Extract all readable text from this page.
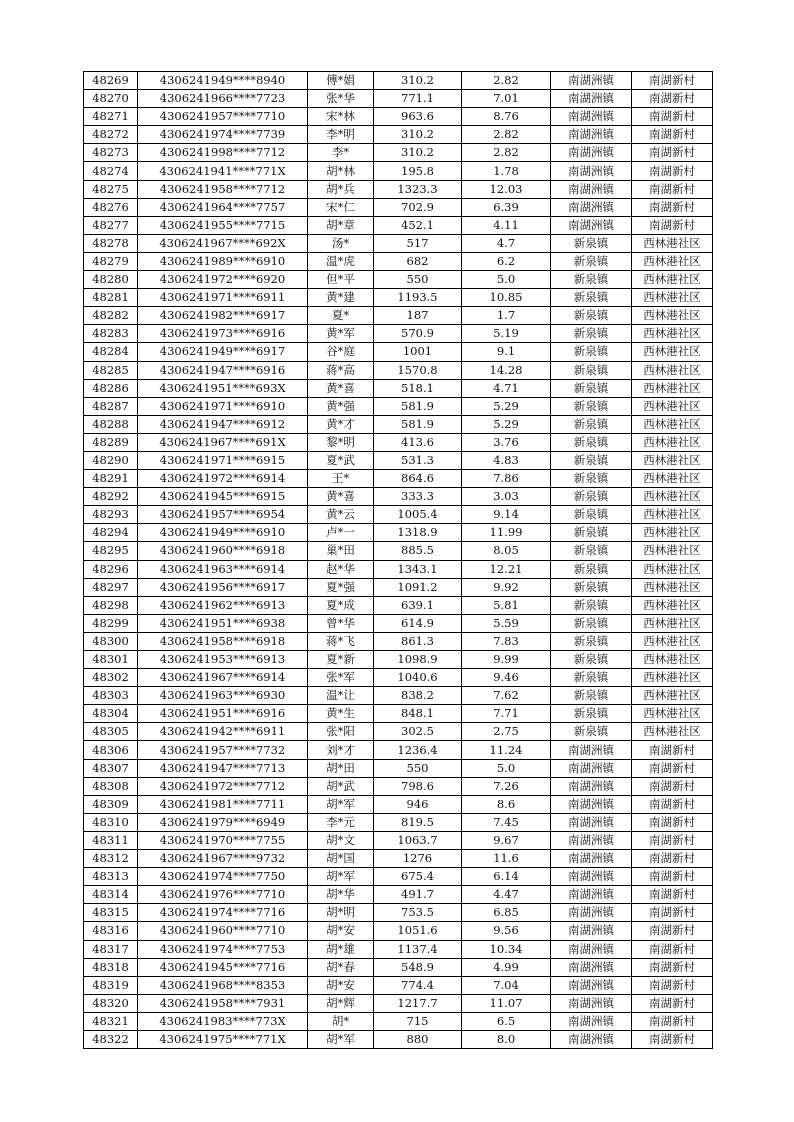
48269	4306241949****8940	傅*娟	310.2	2.82	南湖洲镇	南湖新村
48270	4306241966****7723	张*华	771.1	7.01	南湖洲镇	南湖新村
48271	4306241957****7710	宋*林	963.6	8.76	南湖洲镇	南湖新村
48272	4306241974****7739	李*明	310.2	2.82	南湖洲镇	南湖新村
48273	4306241998****7712	李*	310.2	2.82	南湖洲镇	南湖新村
48274	4306241941****771X	胡*林	195.8	1.78	南湖洲镇	南湖新村
48275	4306241958****7712	胡*兵	1323.3	12.03	南湖洲镇	南湖新村
48276	4306241964****7757	宋*仁	702.9	6.39	南湖洲镇	南湖新村
48277	4306241955****7715	胡*章	452.1	4.11	南湖洲镇	南湖新村
48278	4306241967****692X	汤*	517	4.7	新泉镇	西林港社区
48279	4306241989****6910	温*虎	682	6.2	新泉镇	西林港社区
48280	4306241972****6920	但*平	550	5.0	新泉镇	西林港社区
48281	4306241971****6911	黄*建	1193.5	10.85	新泉镇	西林港社区
48282	4306241982****6917	夏*	187	1.7	新泉镇	西林港社区
48283	4306241973****6916	黄*军	570.9	5.19	新泉镇	西林港社区
48284	4306241949****6917	谷*庭	1001	9.1	新泉镇	西林港社区
48285	4306241947****6916	蒋*高	1570.8	14.28	新泉镇	西林港社区
48286	4306241951****693X	黄*喜	518.1	4.71	新泉镇	西林港社区
48287	4306241971****6910	黄*强	581.9	5.29	新泉镇	西林港社区
48288	4306241947****6912	黄*才	581.9	5.29	新泉镇	西林港社区
48289	4306241967****691X	黎*明	413.6	3.76	新泉镇	西林港社区
48290	4306241971****6915	夏*武	531.3	4.83	新泉镇	西林港社区
48291	4306241972****6914	王*	864.6	7.86	新泉镇	西林港社区
48292	4306241945****6915	黄*喜	333.3	3.03	新泉镇	西林港社区
48293	4306241957****6954	黄*云	1005.4	9.14	新泉镇	西林港社区
48294	4306241949****6910	卢*一	1318.9	11.99	新泉镇	西林港社区
48295	4306241960****6918	巢*田	885.5	8.05	新泉镇	西林港社区
48296	4306241963****6914	赵*华	1343.1	12.21	新泉镇	西林港社区
48297	4306241956****6917	夏*强	1091.2	9.92	新泉镇	西林港社区
48298	4306241962****6913	夏*成	639.1	5.81	新泉镇	西林港社区
48299	4306241951****6938	曾*华	614.9	5.59	新泉镇	西林港社区
48300	4306241958****6918	蒋*飞	861.3	7.83	新泉镇	西林港社区
48301	4306241953****6913	夏*新	1098.9	9.99	新泉镇	西林港社区
48302	4306241967****6914	张*军	1040.6	9.46	新泉镇	西林港社区
48303	4306241963****6930	温*让	838.2	7.62	新泉镇	西林港社区
48304	4306241951****6916	黄*生	848.1	7.71	新泉镇	西林港社区
48305	4306241942****6911	张*阳	302.5	2.75	新泉镇	西林港社区
48306	4306241957****7732	刘*才	1236.4	11.24	南湖洲镇	南湖新村
48307	4306241947****7713	胡*田	550	5.0	南湖洲镇	南湖新村
48308	4306241972****7712	胡*武	798.6	7.26	南湖洲镇	南湖新村
48309	4306241981****7711	胡*军	946	8.6	南湖洲镇	南湖新村
48310	4306241979****6949	李*元	819.5	7.45	南湖洲镇	南湖新村
48311	4306241970****7755	胡*文	1063.7	9.67	南湖洲镇	南湖新村
48312	4306241967****9732	胡*国	1276	11.6	南湖洲镇	南湖新村
48313	4306241974****7750	胡*军	675.4	6.14	南湖洲镇	南湖新村
48314	4306241976****7710	胡*华	491.7	4.47	南湖洲镇	南湖新村
48315	4306241974****7716	胡*明	753.5	6.85	南湖洲镇	南湖新村
48316	4306241960****7710	胡*安	1051.6	9.56	南湖洲镇	南湖新村
48317	4306241974****7753	胡*雄	1137.4	10.34	南湖洲镇	南湖新村
48318	4306241945****7716	胡*春	548.9	4.99	南湖洲镇	南湖新村
48319	4306241968****8353	胡*安	774.4	7.04	南湖洲镇	南湖新村
48320	4306241958****7931	胡*辉	1217.7	11.07	南湖洲镇	南湖新村
48321	4306241983****773X	胡*	715	6.5	南湖洲镇	南湖新村
48322	4306241975****771X	胡*军	880	8.0	南湖洲镇	南湖新村
